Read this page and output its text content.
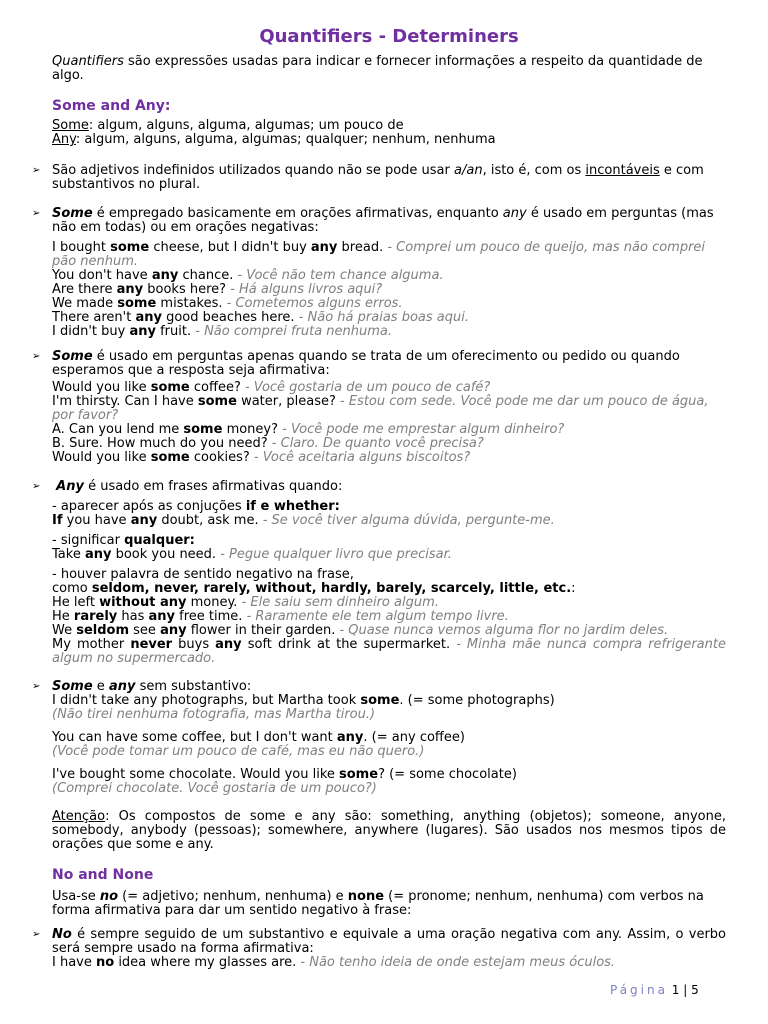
Quantifiers - Determiners

Quantifiers são expressões usadas para indicar e fornecer informações a respeito da quantidade de algo.

Some and Any:

Some: algum, alguns, alguma, algumas; um pouco de

Any: algum, alguns, alguma, algumas; qualquer; nenhum, nenhuma

➢ São adjetivos indefinidos utilizados quando não se pode usar a/an, isto é, com os incontáveis e com substantivos no plural.

➢ Some é empregado basicamente em orações afirmativas, enquanto any é usado em perguntas (mas não em todas) ou em orações negativas:

I bought some cheese, but I didn't buy any bread. - Comprei um pouco de queijo, mas não comprei pão nenhum.

You don't have any chance. - Você não tem chance alguma.

Are there any books here? - Há alguns livros aqui?

We made some mistakes. - Cometemos alguns erros.

There aren't any good beaches here. - Não há praias boas aqui.

I didn't buy any fruit. - Não comprei fruta nenhuma.

➢ Some é usado em perguntas apenas quando se trata de um oferecimento ou pedido ou quando esperamos que a resposta seja afirmativa:

Would you like some coffee? - Você gostaria de um pouco de café?

I'm thirsty. Can I have some water, please? - Estou com sede. Você pode me dar um pouco de água, por favor?

A. Can you lend me some money? - Você pode me emprestar algum dinheiro?

B. Sure. How much do you need? - Claro. De quanto você precisa?

Would you like some cookies? - Você aceitaria alguns biscoitos?

➢	Any é usado em frases afirmativas quando:

- aparecer após as conjuções if e whether:

If you have any doubt, ask me. - Se você tiver alguma dúvida, pergunte-me.

- significar qualquer:

Take any book you need. - Pegue qualquer livro que precisar.

- houver palavra de sentido negativo na frase,

como seldom, never, rarely, without, hardly, barely, scarcely, little, etc.:

He left without any money. - Ele saiu sem dinheiro algum.

He rarely has any free time. - Raramente ele tem algum tempo livre.

We seldom see any flower in their garden. - Quase nunca vemos alguma flor no jardim deles.

My mother never buys any soft drink at the supermarket. - Minha mãe nunca compra refrigerante algum no supermercado.

➢ Some e any sem substantivo:

I didn't take any photographs, but Martha took some. (= some photographs)

(Não tirei nenhuma fotografia, mas Martha tirou.)

You can have some coffee, but I don't want any. (= any coffee)

(Você pode tomar um pouco de café, mas eu não quero.)

I've bought some chocolate. Would you like some? (= some chocolate)

(Comprei chocolate. Você gostaria de um pouco?)

Atenção: Os compostos de some e any são: something, anything (objetos); someone, anyone, somebody, anybody (pessoas); somewhere, anywhere (lugares). São usados nos mesmos tipos de orações que some e any.

No and None

Usa-se no (= adjetivo; nenhum, nenhuma) e none (= pronome; nenhum, nenhuma) com verbos na forma afirmativa para dar um sentido negativo à frase:

➢ No é sempre seguido de um substantivo e equivale a uma oração negativa com any. Assim, o verbo será sempre usado na forma afirmativa:

I have no idea where my glasses are. - Não tenho ideia de onde estejam meus óculos.

Página 1 | 5
